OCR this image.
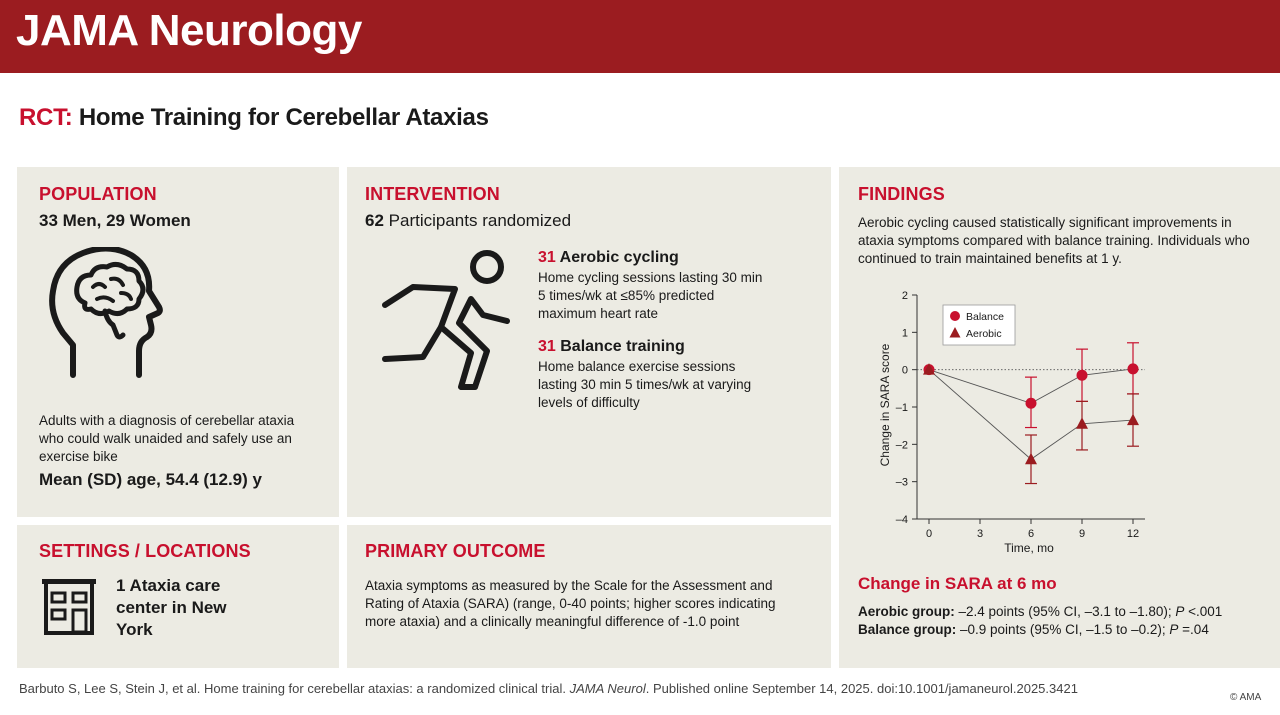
JAMA Neurology
RCT: Home Training for Cerebellar Ataxias
POPULATION
33 Men, 29 Women
Adults with a diagnosis of cerebellar ataxia who could walk unaided and safely use an exercise bike
Mean (SD) age, 54.4 (12.9) y
INTERVENTION
62 Participants randomized
31 Aerobic cycling
Home cycling sessions lasting 30 min 5 times/wk at ≤85% predicted maximum heart rate
31 Balance training
Home balance exercise sessions lasting 30 min 5 times/wk at varying levels of difficulty
SETTINGS / LOCATIONS
1 Ataxia care center in New York
PRIMARY OUTCOME
Ataxia symptoms as measured by the Scale for the Assessment and Rating of Ataxia (SARA) (range, 0-40 points; higher scores indicating more ataxia) and a clinically meaningful difference of -1.0 point
FINDINGS
Aerobic cycling caused statistically significant improvements in ataxia symptoms compared with balance training. Individuals who continued to train maintained benefits at 1 y.
Change in SARA score
Time, mo
2
1
0
–1
–2
–3
–4
0	3	6	9	12
Balance
Aerobic
Change in SARA at 6 mo
Aerobic group: –2.4 points (95% CI, –3.1 to –1.80); P <.001
Balance group: –0.9 points (95% CI, –1.5 to –0.2); P =.04
Barbuto S, Lee S, Stein J, et al. Home training for cerebellar ataxias: a randomized clinical trial. JAMA Neurol. Published online September 14, 2025. doi:10.1001/jamaneurol.2025.3421
© AMA
